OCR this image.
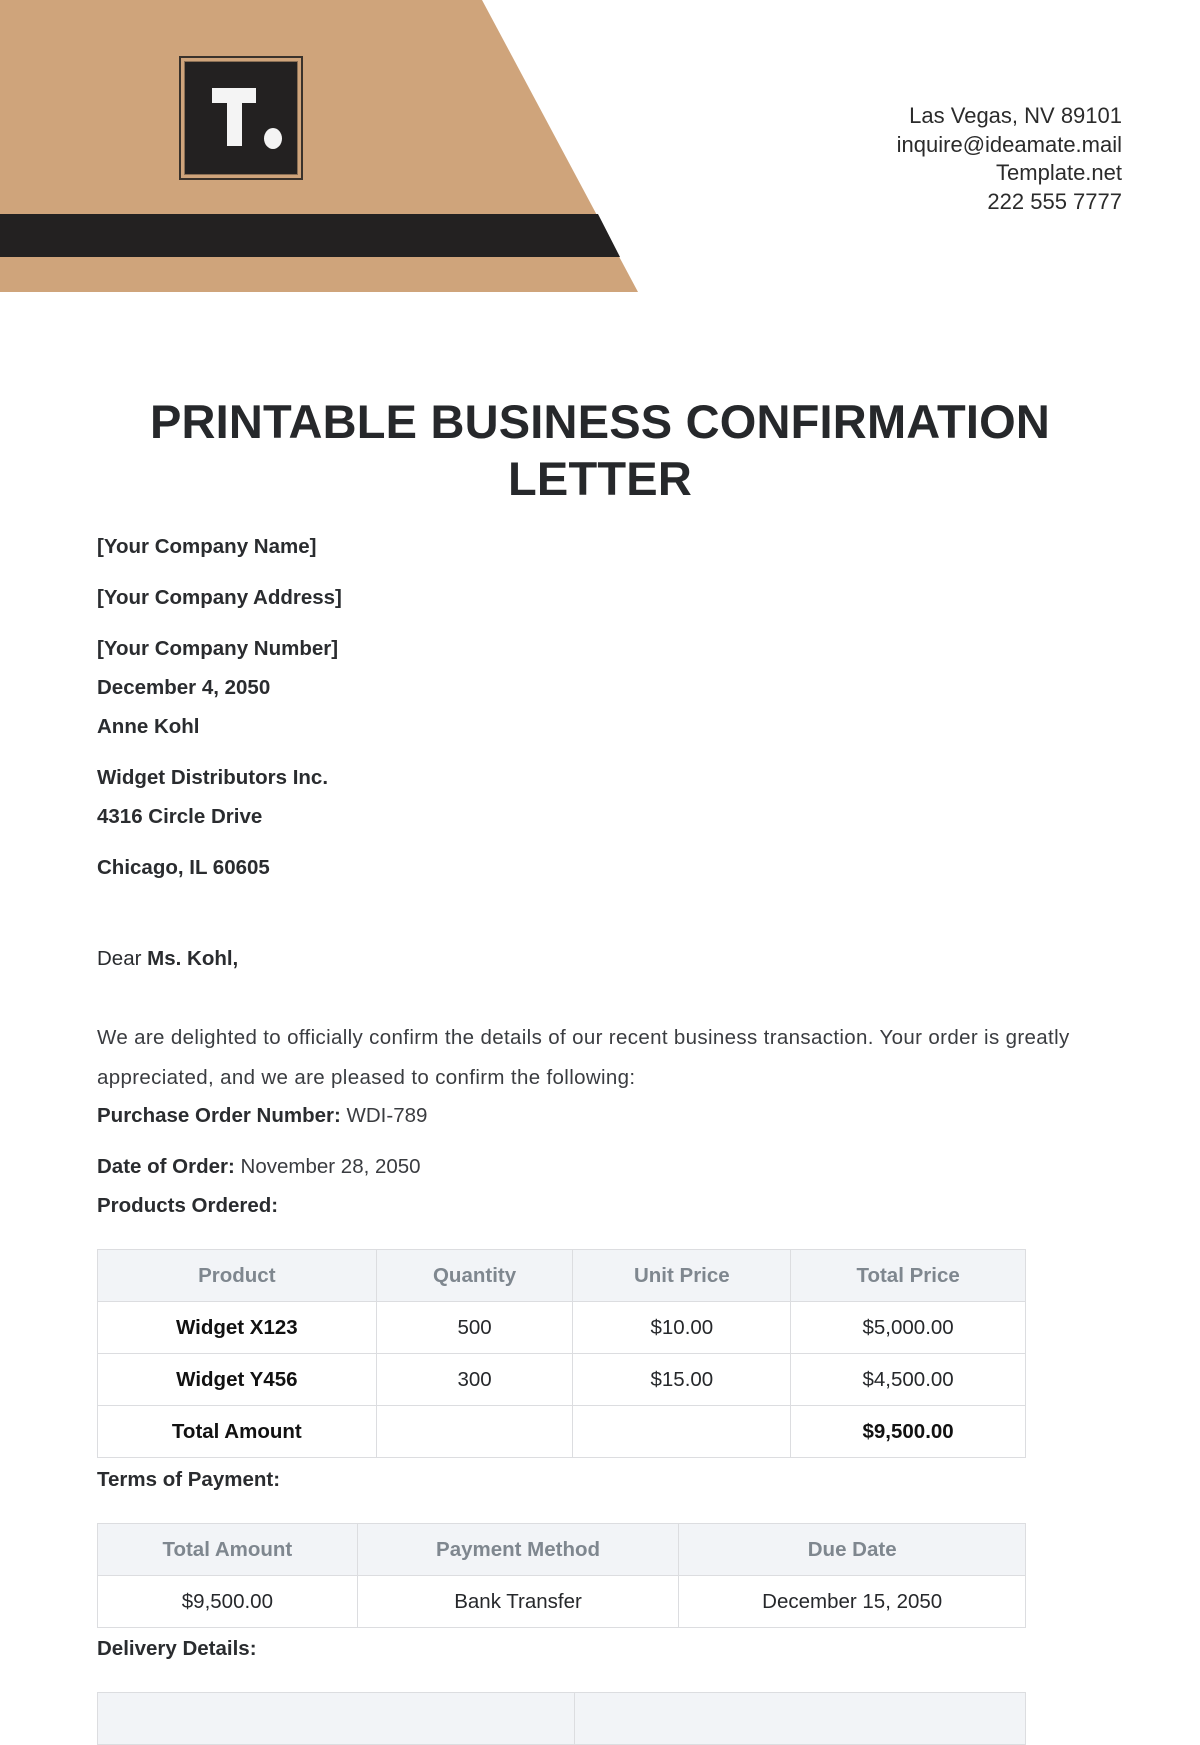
Las Vegas, NV 89101
inquire@ideamate.mail
Template.net
222 555 7777
PRINTABLE BUSINESS CONFIRMATION
LETTER
[Your Company Name]
[Your Company Address]
[Your Company Number]
December 4, 2050
Anne Kohl
Widget Distributors Inc.
4316 Circle Drive
Chicago, IL 60605
Dear Ms. Kohl,
We are delighted to officially confirm the details of our recent business transaction. Your order is greatly appreciated, and we are pleased to confirm the following:
Purchase Order Number: WDI-789
Date of Order: November 28, 2050
Products Ordered:
Product	Quantity	Unit Price	Total Price
Widget X123	500	$10.00	$5,000.00
Widget Y456	300	$15.00	$4,500.00
Total Amount			$9,500.00
Terms of Payment:
Total Amount	Payment Method	Due Date
$9,500.00	Bank Transfer	December 15, 2050
Delivery Details:
